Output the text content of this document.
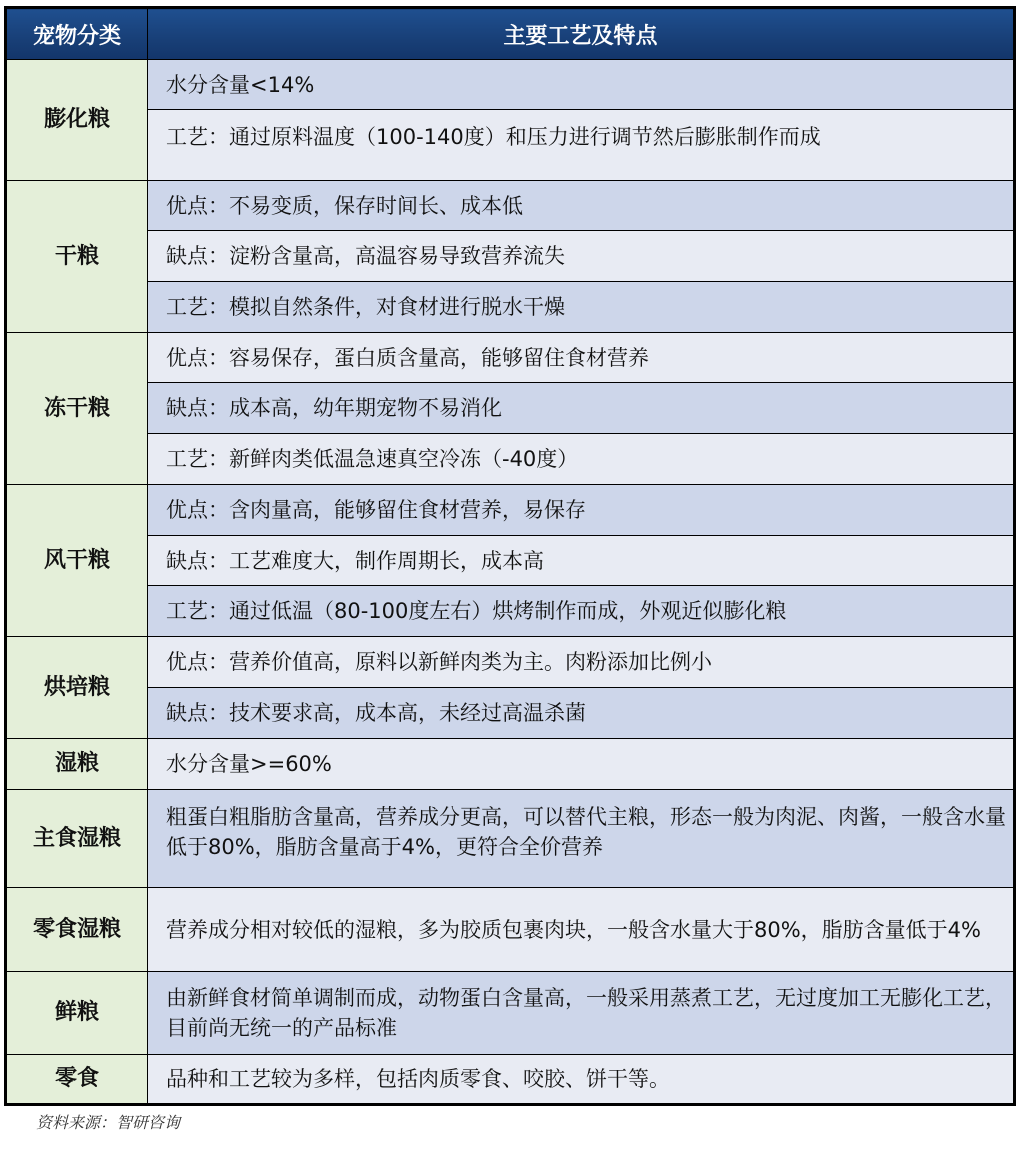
宠物分类	主要工艺及特点
膨化粮	水分含量<14%
	工艺：通过原料温度（100-140度）和压力进行调节然后膨胀制作而成
干粮	优点：不易变质，保存时间长、成本低
	缺点：淀粉含量高，高温容易导致营养流失
	工艺：模拟自然条件，对食材进行脱水干燥
冻干粮	优点：容易保存，蛋白质含量高，能够留住食材营养
	缺点：成本高，幼年期宠物不易消化
	工艺：新鲜肉类低温急速真空冷冻（-40度）
风干粮	优点：含肉量高，能够留住食材营养，易保存
	缺点：工艺难度大，制作周期长，成本高
	工艺：通过低温（80-100度左右）烘烤制作而成，外观近似膨化粮
烘培粮	优点：营养价值高，原料以新鲜肉类为主。肉粉添加比例小
	缺点：技术要求高，成本高，未经过高温杀菌
湿粮	水分含量>=60%
主食湿粮	粗蛋白粗脂肪含量高，营养成分更高，可以替代主粮，形态一般为肉泥、肉酱，一般含水量低于80%，脂肪含量高于4%，更符合全价营养
零食湿粮	营养成分相对较低的湿粮，多为胶质包裹肉块，一般含水量大于80%，脂肪含量低于4%
鲜粮	由新鲜食材简单调制而成，动物蛋白含量高，一般采用蒸煮工艺，无过度加工无膨化工艺，目前尚无统一的产品标准
零食	品种和工艺较为多样，包括肉质零食、咬胶、饼干等。
资料来源：智研咨询
